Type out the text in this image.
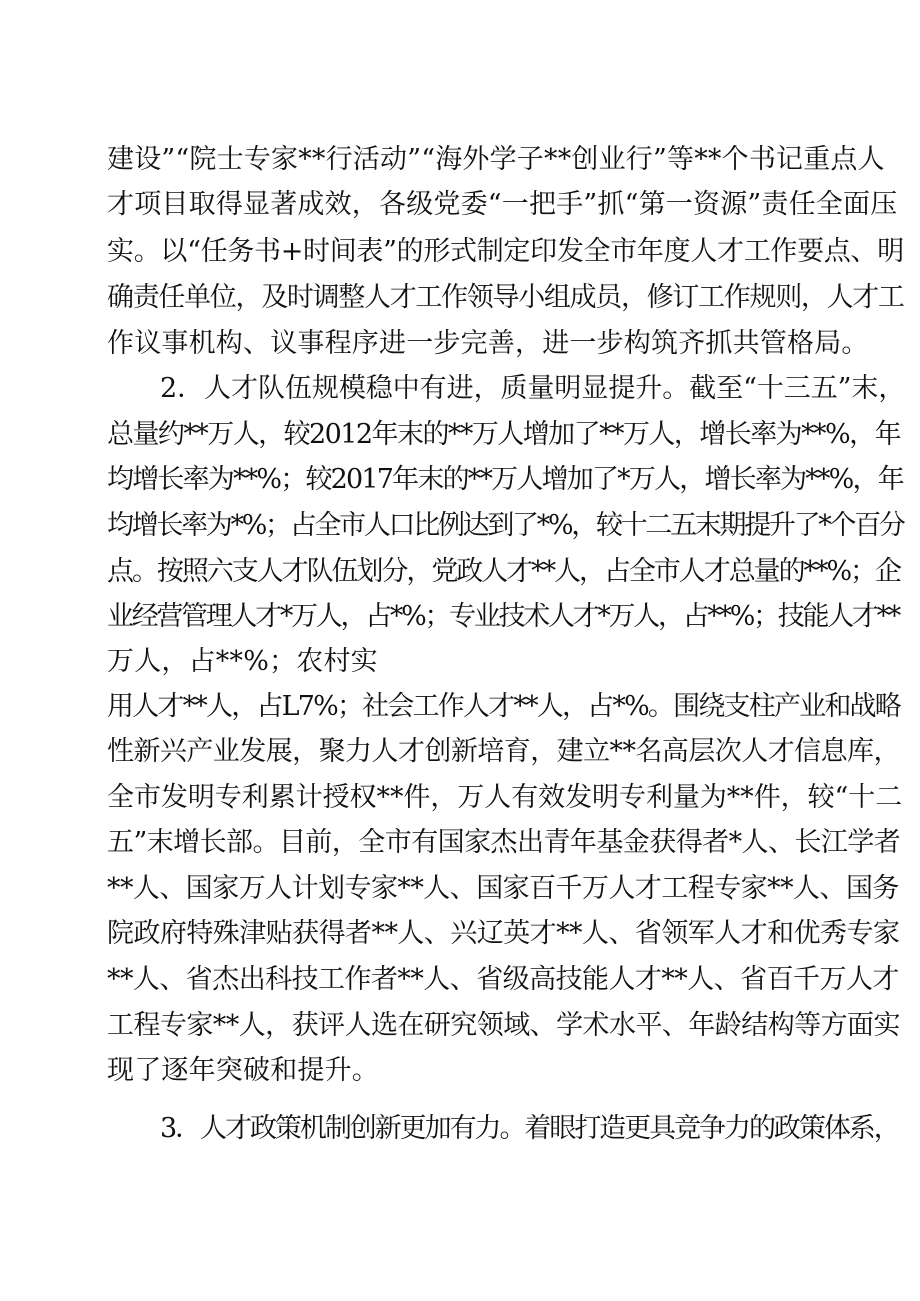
建设”“院士专家**行活动”“海外学子**创业行”等**个书记重点人
才项目取得显著成效，各级党委“一把手”抓“第一资源”责任全面压
实。以“任务书+时间表”的形式制定印发全市年度人才工作要点、明
确责任单位，及时调整人才工作领导小组成员，修订工作规则，人才工
作议事机构、议事程序进一步完善，进一步构筑齐抓共管格局。
2．人才队伍规模稳中有进，质量明显提升。截至“十三五”末，
总量约**万人，较2012年末的**万人增加了**万人，增长率为**%，年
均增长率为**%；较2017年末的**万人增加了*万人，增长率为**%，年
均增长率为*%；占全市人口比例达到了*%，较十二五末期提升了*个百分
点。按照六支人才队伍划分，党政人才**人，占全市人才总量的**%；企
业经营管理人才*万人，占*%；专业技术人才*万人，占**%；技能人才**
万人，占**%；农村实
用人才**人，占L7%；社会工作人才**人，占*%。围绕支柱产业和战略
性新兴产业发展，聚力人才创新培育，建立**名高层次人才信息库，
全市发明专利累计授权**件，万人有效发明专利量为**件，较“十二
五”末增长部。目前，全市有国家杰出青年基金获得者*人、长江学者
**人、国家万人计划专家**人、国家百千万人才工程专家**人、国务
院政府特殊津贴获得者**人、兴辽英才**人、省领军人才和优秀专家
**人、省杰出科技工作者**人、省级高技能人才**人、省百千万人才
工程专家**人，获评人选在研究领域、学术水平、年龄结构等方面实
现了逐年突破和提升。
3．人才政策机制创新更加有力。着眼打造更具竞争力的政策体系，
